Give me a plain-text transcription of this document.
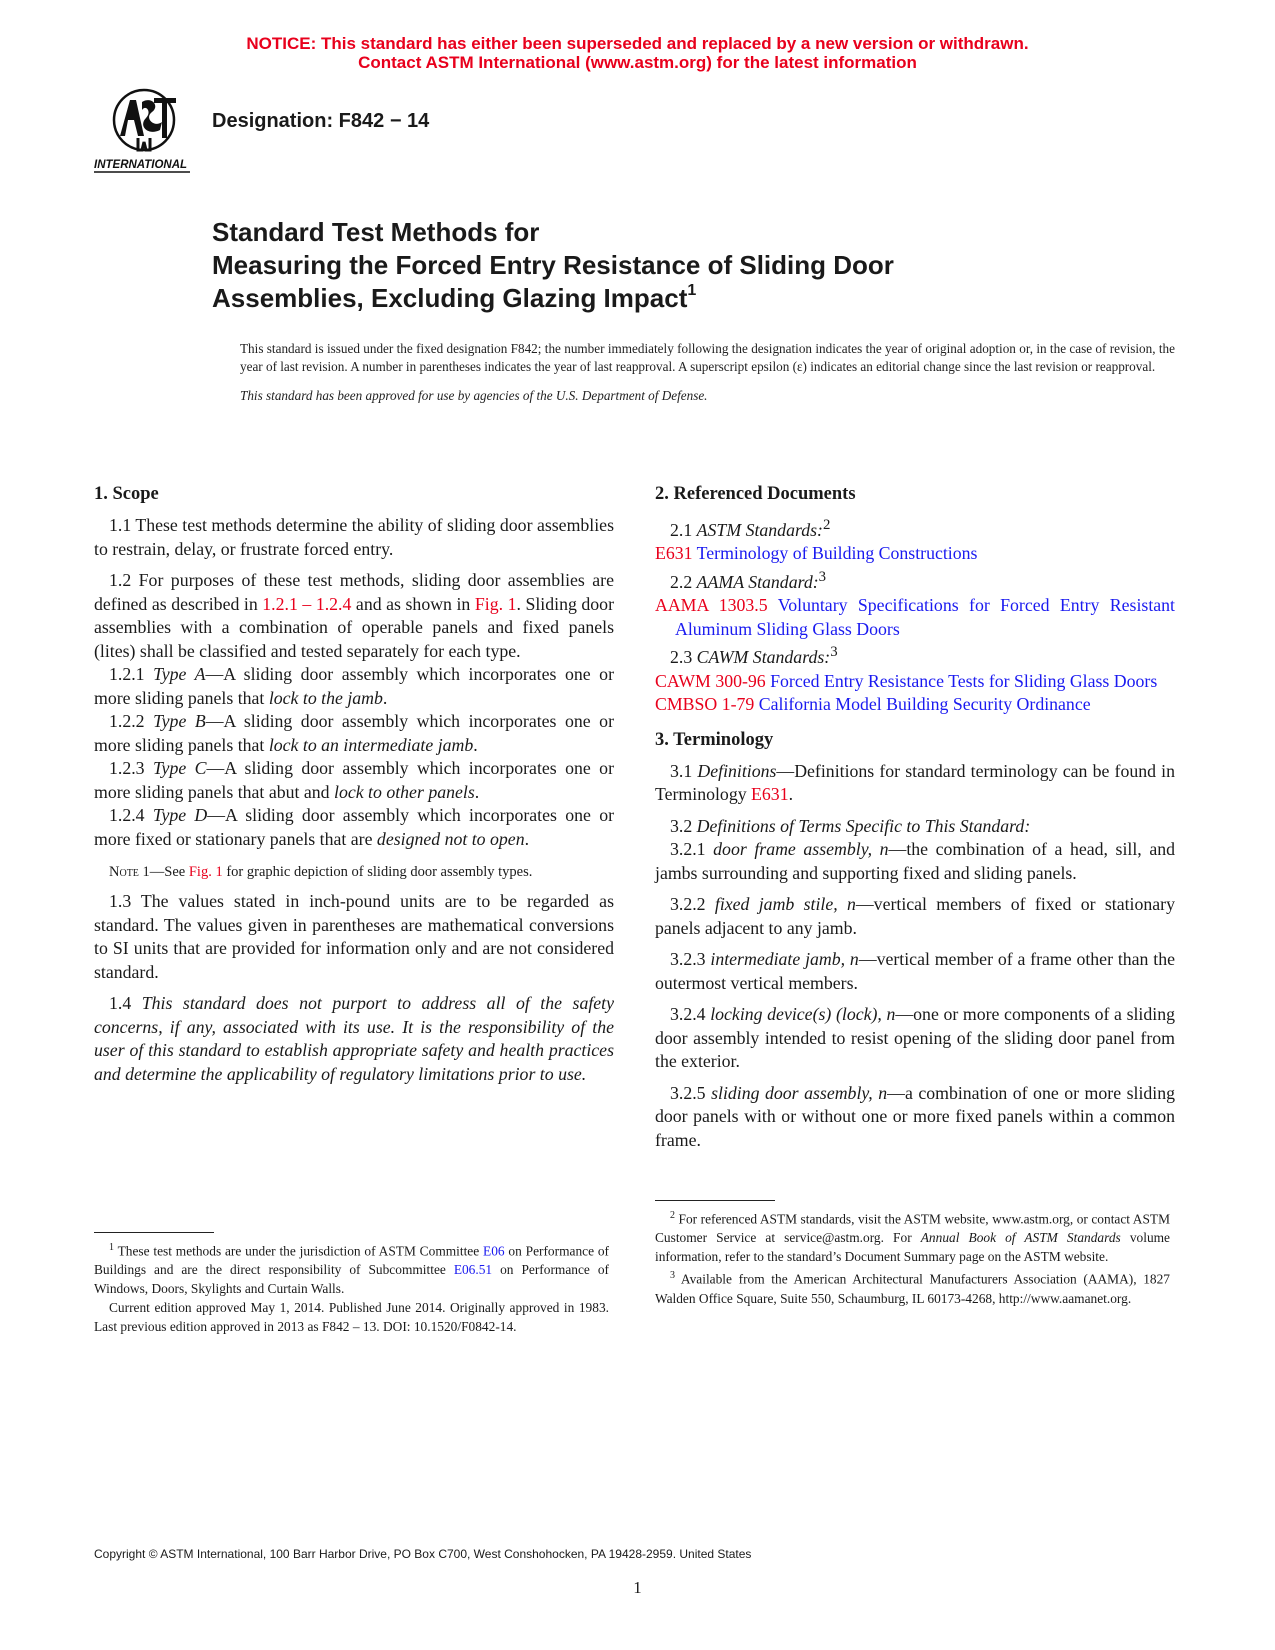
NOTICE: This standard has either been superseded and replaced by a new version or withdrawn.
Contact ASTM International (www.astm.org) for the latest information
INTERNATIONAL
Designation: F842 − 14
Standard Test Methods for
Measuring the Forced Entry Resistance of Sliding Door
Assemblies, Excluding Glazing Impact$^1$
This standard is issued under the fixed designation F842; the number immediately following the designation indicates the year of original adoption or, in the case of revision, the year of last revision. A number in parentheses indicates the year of last reapproval. A superscript epsilon (ε) indicates an editorial change since the last revision or reapproval.
This standard has been approved for use by agencies of the U.S. Department of Defense.
1. Scope

1.1 These test methods determine the ability of sliding door assemblies to restrain, delay, or frustrate forced entry.

1.2 For purposes of these test methods, sliding door assemblies are defined as described in 1.2.1 – 1.2.4 and as shown in Fig. 1. Sliding door assemblies with a combination of operable panels and fixed panels (lites) shall be classified and tested separately for each type.

1.2.1 Type A—A sliding door assembly which incorporates one or more sliding panels that lock to the jamb.

1.2.2 Type B—A sliding door assembly which incorporates one or more sliding panels that lock to an intermediate jamb.

1.2.3 Type C—A sliding door assembly which incorporates one or more sliding panels that abut and lock to other panels.

1.2.4 Type D—A sliding door assembly which incorporates one or more fixed or stationary panels that are designed not to open.

Note 1—See Fig. 1 for graphic depiction of sliding door assembly types.

1.3 The values stated in inch-pound units are to be regarded as standard. The values given in parentheses are mathematical conversions to SI units that are provided for information only and are not considered standard.

1.4 This standard does not purport to address all of the safety concerns, if any, associated with its use. It is the responsibility of the user of this standard to establish appropriate safety and health practices and determine the applicability of regulatory limitations prior to use.

2. Referenced Documents

2.1 ASTM Standards:$^2$

E631 Terminology of Building Constructions

2.2 AAMA Standard:$^3$

AAMA 1303.5 Voluntary Specifications for Forced Entry Resistant Aluminum Sliding Glass Doors

2.3 CAWM Standards:$^3$

CAWM 300-96 Forced Entry Resistance Tests for Sliding Glass Doors

CMBSO 1-79 California Model Building Security Ordinance

3. Terminology

3.1 Definitions—Definitions for standard terminology can be found in Terminology E631.

3.2 Definitions of Terms Specific to This Standard:

3.2.1 door frame assembly, n—the combination of a head, sill, and jambs surrounding and supporting fixed and sliding panels.

3.2.2 fixed jamb stile, n—vertical members of fixed or stationary panels adjacent to any jamb.

3.2.3 intermediate jamb, n—vertical member of a frame other than the outermost vertical members.

3.2.4 locking device(s) (lock), n—one or more components of a sliding door assembly intended to resist opening of the sliding door panel from the exterior.

3.2.5 sliding door assembly, n—a combination of one or more sliding door panels with or without one or more fixed panels within a common frame.

$^1$ These test methods are under the jurisdiction of ASTM Committee E06 on Performance of Buildings and are the direct responsibility of Subcommittee E06.51 on Performance of Windows, Doors, Skylights and Curtain Walls.

Current edition approved May 1, 2014. Published June 2014. Originally approved in 1983. Last previous edition approved in 2013 as F842 – 13. DOI: 10.1520/F0842-14.

$^2$ For referenced ASTM standards, visit the ASTM website, www.astm.org, or contact ASTM Customer Service at service@astm.org. For Annual Book of ASTM Standards volume information, refer to the standard’s Document Summary page on the ASTM website.

$^3$ Available from the American Architectural Manufacturers Association (AAMA), 1827 Walden Office Square, Suite 550, Schaumburg, IL 60173-4268, http://www.aamanet.org.

Copyright © ASTM International, 100 Barr Harbor Drive, PO Box C700, West Conshohocken, PA 19428-2959. United States
1
